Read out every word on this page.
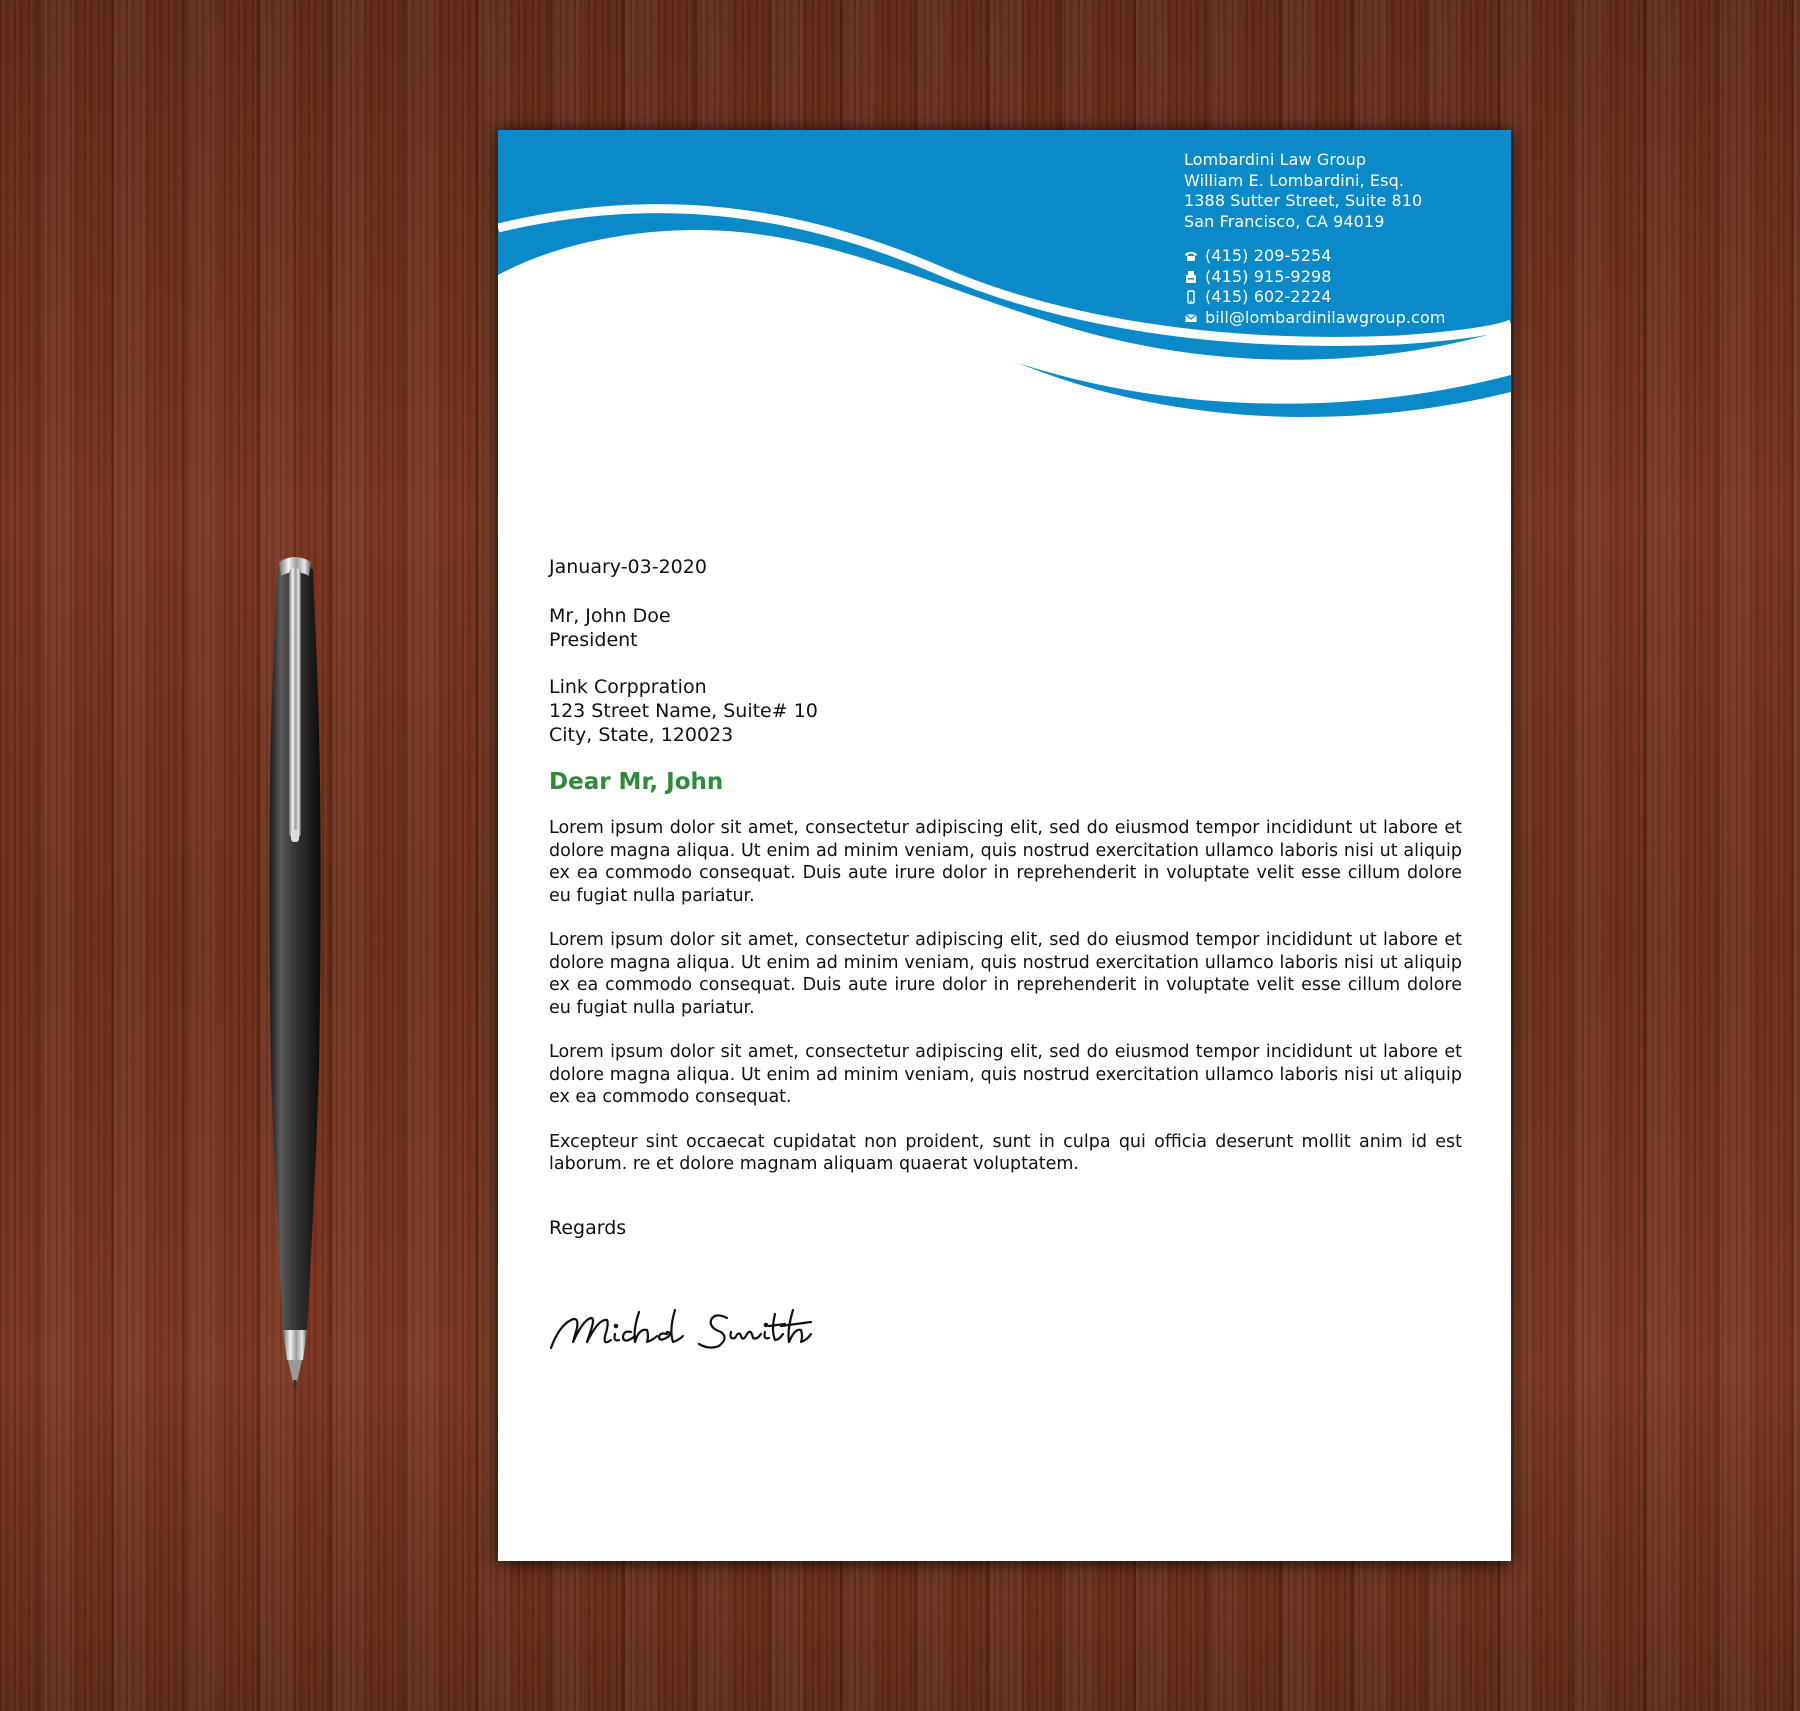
Lombardini Law Group
William E. Lombardini, Esq.
1388 Sutter Street, Suite 810
San Francisco, CA 94019
(415) 209-5254
(415) 915-9298
(415) 602-2224
bill@lombardinilawgroup.com
January-03-2020
Mr, John Doe
President
Link Corppration
123 Street Name, Suite# 10
City, State, 120023
Dear Mr, John

Lorem ipsum dolor sit amet, consectetur adipiscing elit, sed do eiusmod tempor incididunt ut labore et dolore magna aliqua. Ut enim ad minim veniam, quis nostrud exercitation ullamco laboris nisi ut aliquip ex ea commodo consequat. Duis aute irure dolor in reprehenderit in voluptate velit esse cillum dolore eu fugiat nulla pariatur.

Lorem ipsum dolor sit amet, consectetur adipiscing elit, sed do eiusmod tempor incididunt ut labore et dolore magna aliqua. Ut enim ad minim veniam, quis nostrud exercitation ullamco laboris nisi ut aliquip ex ea commodo consequat. Duis aute irure dolor in reprehenderit in voluptate velit esse cillum dolore eu fugiat nulla pariatur.

Lorem ipsum dolor sit amet, consectetur adipiscing elit, sed do eiusmod tempor incididunt ut labore et dolore magna aliqua. Ut enim ad minim veniam, quis nostrud exercitation ullamco laboris nisi ut aliquip ex ea commodo consequat.

Excepteur sint occaecat cupidatat non proident, sunt in culpa qui officia deserunt mollit anim id est laborum. re et dolore magnam aliquam quaerat voluptatem.

Regards
